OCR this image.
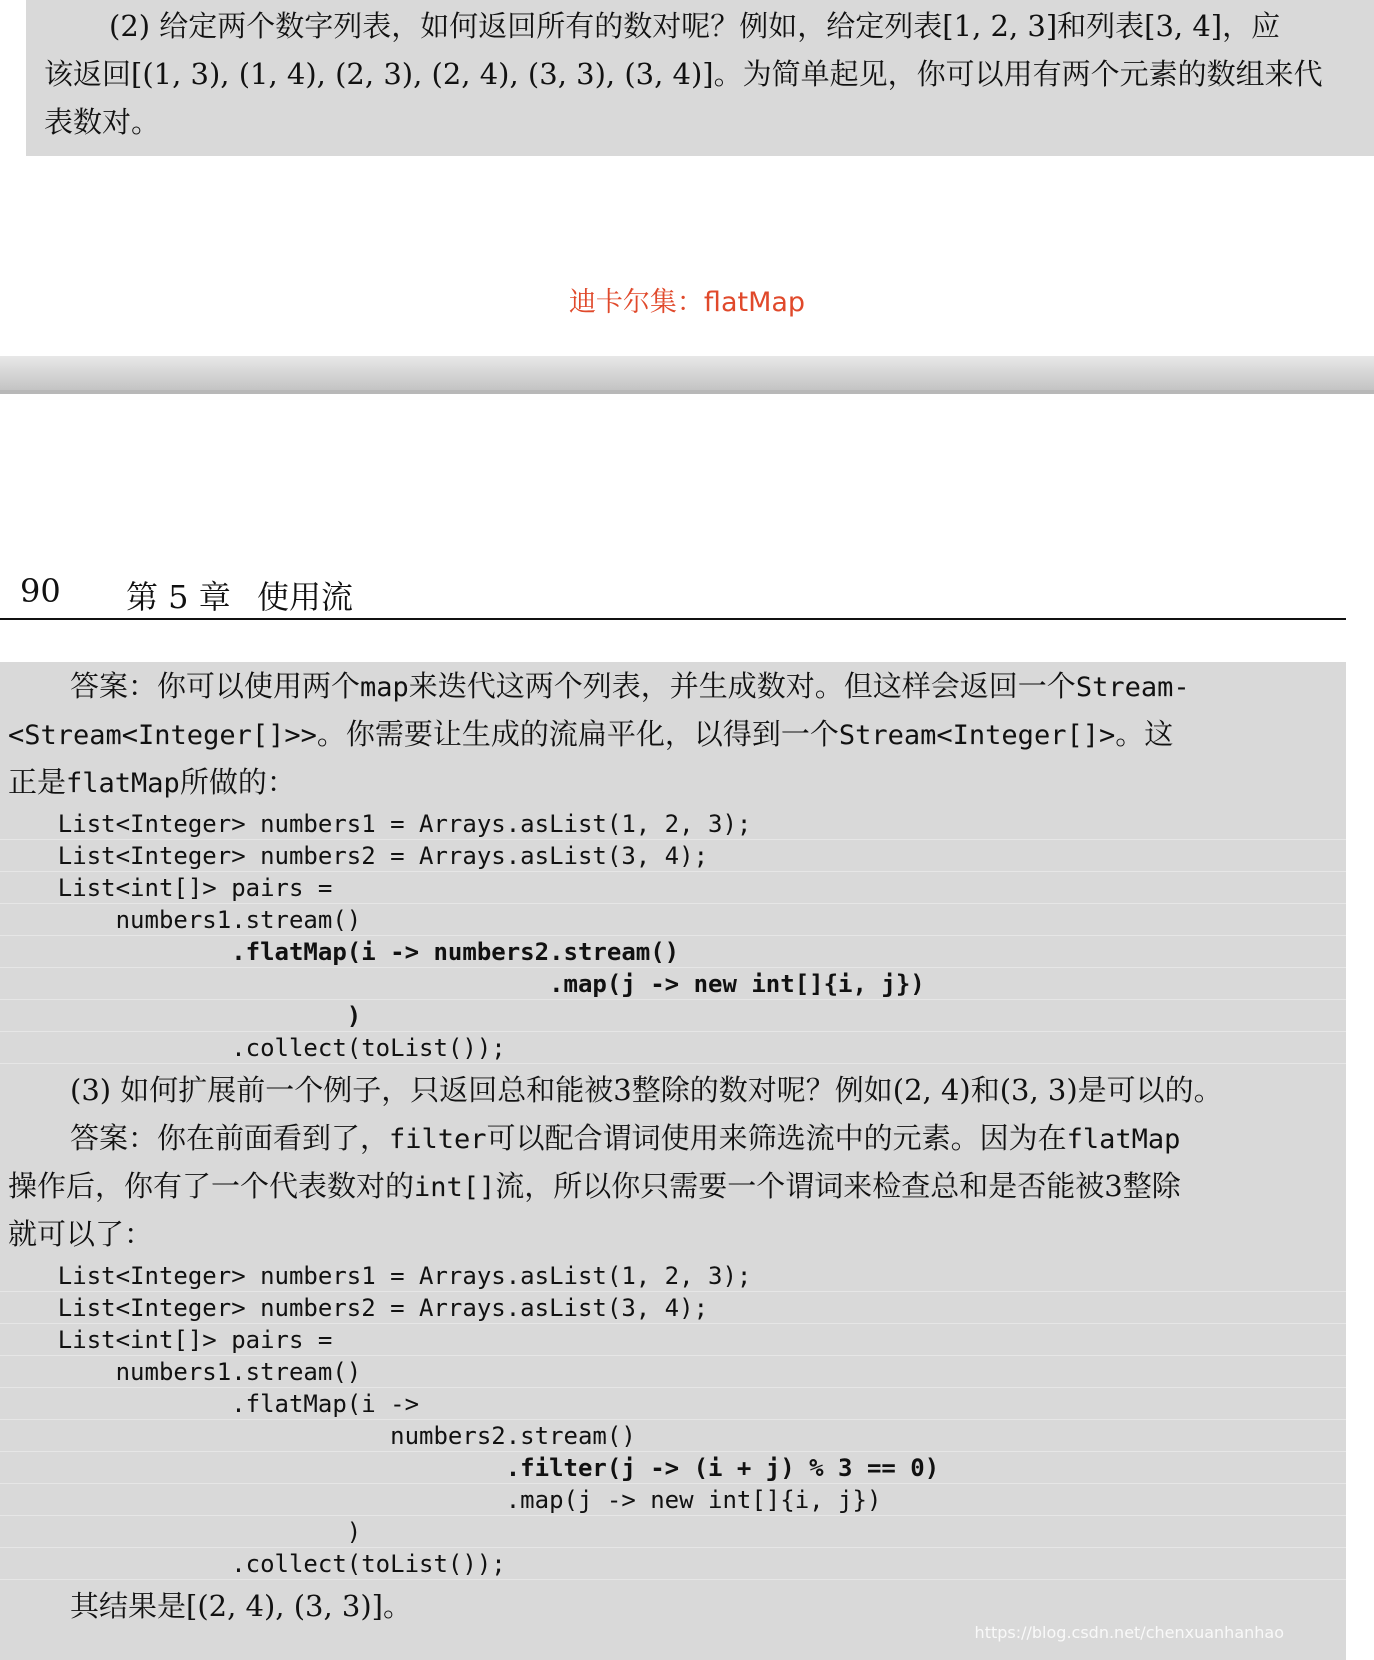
(2) 给定两个数字列表，如何返回所有的数对呢？例如，给定列表[1, 2, 3]和列表[3, 4]，应
该返回[(1, 3), (1, 4), (2, 3), (2, 4), (3, 3), (3, 4)]。为简单起见，你可以用有两个元素的数组来代
表数对。
迪卡尔集：flatMap

90

第 5 章

使用流

答案：你可以使用两个map来迭代这两个列表，并生成数对。但这样会返回一个Stream-
<Stream<Integer[]>>。你需要让生成的流扁平化，以得到一个Stream<Integer[]>。这
正是flatMap所做的：
List<Integer> numbers1 = Arrays.asList(1, 2, 3);
List<Integer> numbers2 = Arrays.asList(3, 4);
List<int[]> pairs =
numbers1.stream()
.flatMap(i -> numbers2.stream()
.map(j -> new int[]{i, j})
)
.collect(toList());
(3) 如何扩展前一个例子，只返回总和能被3整除的数对呢？例如(2, 4)和(3, 3)是可以的。
答案：你在前面看到了，filter可以配合谓词使用来筛选流中的元素。因为在flatMap
操作后，你有了一个代表数对的int[]流，所以你只需要一个谓词来检查总和是否能被3整除
就可以了：
List<Integer> numbers1 = Arrays.asList(1, 2, 3);
List<Integer> numbers2 = Arrays.asList(3, 4);
List<int[]> pairs =
numbers1.stream()
.flatMap(i ->
numbers2.stream()
.filter(j -> (i + j) % 3 == 0)
.map(j -> new int[]{i, j})
)
.collect(toList());
其结果是[(2, 4), (3, 3)]。
https://blog.csdn.net/chenxuanhanhao
